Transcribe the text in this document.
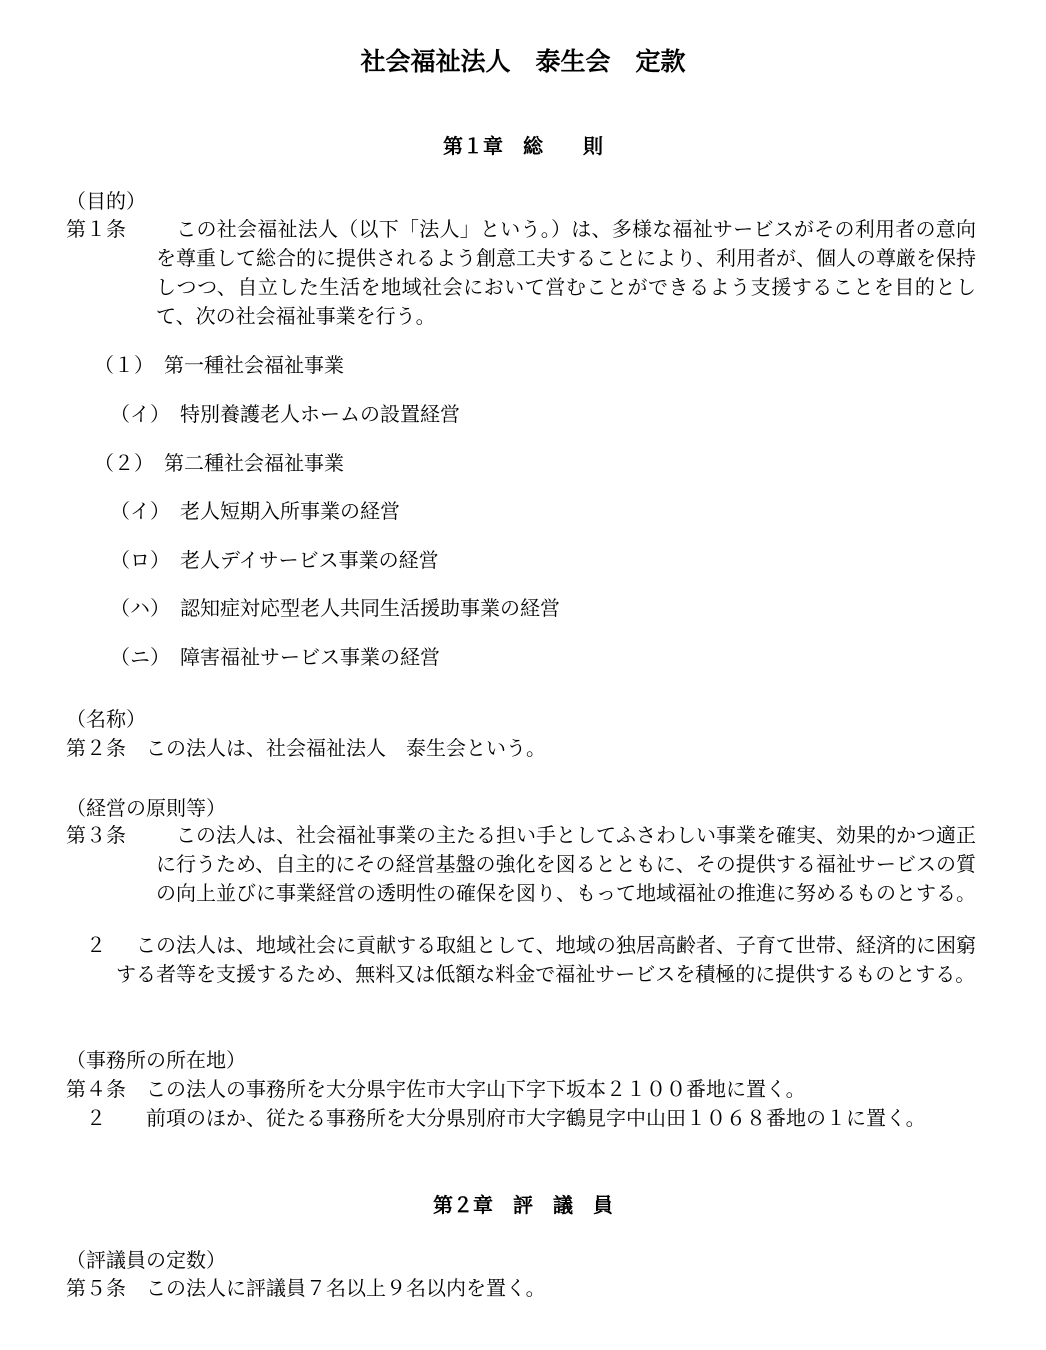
社会福祉法人　泰生会　定款
第１章　総　　則
（目的）
第１条 　この社会福祉法人（以下「法人」という。）は、多様な福祉サービスがその利用者の意向を尊重して総合的に提供されるよう創意工夫することにより、利用者が、個人の尊厳を保持しつつ、自立した生活を地域社会において営むことができるよう支援することを目的として、次の社会福祉事業を行う。
（１）　第一種社会福祉事業
（イ）　特別養護老人ホームの設置経営
（２）　第二種社会福祉事業
（イ）　老人短期入所事業の経営
（ロ）　老人デイサービス事業の経営
（ハ）　認知症対応型老人共同生活援助事業の経営
（ニ）　障害福祉サービス事業の経営
（名称）
第２条　この法人は、社会福祉法人　泰生会という。
（経営の原則等）
第３条 　この法人は、社会福祉事業の主たる担い手としてふさわしい事業を確実、効果的かつ適正に行うため、自主的にその経営基盤の強化を図るとともに、その提供する福祉サービスの質の向上並びに事業経営の透明性の確保を図り、もって地域福祉の推進に努めるものとする。
２	この法人は、地域社会に貢献する取組として、地域の独居高齢者、子育て世帯、経済的に困窮する者等を支援するため、無料又は低額な料金で福祉サービスを積極的に提供するものとする。
（事務所の所在地）
第４条　この法人の事務所を大分県宇佐市大字山下字下坂本２１００番地に置く。
２　　前項のほか、従たる事務所を大分県別府市大字鶴見字中山田１０６８番地の１に置く。
第２章　評　議　員
（評議員の定数）
第５条　この法人に評議員７名以上９名以内を置く。
